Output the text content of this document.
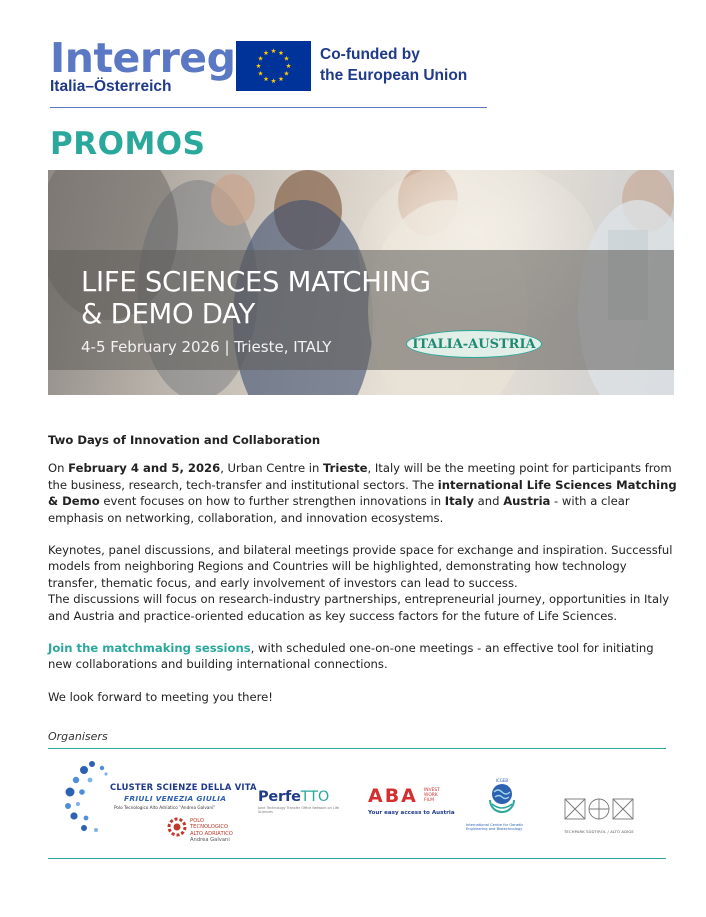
Interreg
Italia–Österreich
Co-funded by
the European Union
PROMOS
LIFE SCIENCES MATCHING
& DEMO DAY
4-5 February 2026 | Trieste, ITALY	ITALIA-AUSTRIA
Two Days of Innovation and Collaboration

On February 4 and 5, 2026, Urban Centre in Trieste, Italy will be the meeting point for participants from the business, research, tech-transfer and institutional sectors. The international Life Sciences Matching & Demo event focuses on how to further strengthen innovations in Italy and Austria - with a clear emphasis on networking, collaboration, and innovation ecosystems.

Keynotes, panel discussions, and bilateral meetings provide space for exchange and inspiration. Successful models from neighboring Regions and Countries will be highlighted, demonstrating how technology transfer, thematic focus, and early involvement of investors can lead to success.
The discussions will focus on research-industry partnerships, entrepreneurial journey, opportunities in Italy and Austria and practice-oriented education as key success factors for the future of Life Sciences.

Join the matchmaking sessions, with scheduled one-on-one meetings - an effective tool for initiating new collaborations and building international connections.

We look forward to meeting you there!

Organisers
CLUSTER SCIENZE DELLA VITA
FRIULI VENEZIA GIULIA
Polo Tecnologico Alto Adriatico "Andrea Galvani"
POLO
TECNOLOGICO
ALTO ADRIATICO
Andrea Galvani
PerfeTTO
Joint Technology Transfer Office Network on Life Sciences
ABA	INVEST
WORK
FILM
Your easy access to Austria
ICGEB
International Centre for Genetic
Engineering and Biotechnology	TECHPARK SÜDTIROL / ALTO ADIGE
